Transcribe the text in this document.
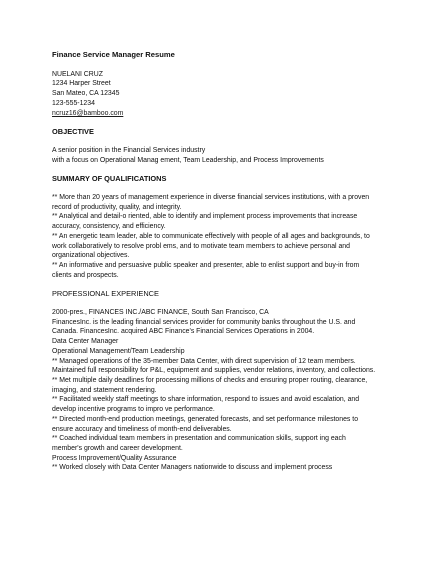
Finance Service Manager Resume
NUELANI CRUZ
1234 Harper Street
San Mateo, CA 12345
123-555-1234
ncruz16@bamboo.com
OBJECTIVE
A senior position in the Financial Services industry
with a focus on Operational Manag ement, Team Leadership, and Process Improvements
SUMMARY OF QUALIFICATIONS
** More than 20 years of management experience in diverse financial services institutions, with a proven
record of productivity, quality, and integrity.
** Analytical and detail-o riented, able to identify and implement process improvements that increase
accuracy, consistency, and efficiency.
** An energetic team leader, able to communicate effectively with people of all ages and backgrounds, to
work collaboratively to resolve probl ems, and to motivate team members to achieve personal and
organizational objectives.
** An informative and persuasive public speaker and presenter, able to enlist support and buy-in from
clients and prospects.
PROFESSIONAL EXPERIENCE
2000-pres., FINANCES INC./ABC FINANCE, South San Francisco, CA
FinancesInc. is the leading financial services provider for community banks throughout the U.S. and
Canada. FinancesInc. acquired ABC Finance's Financial Services Operations in 2004.
Data Center Manager
Operational Management/Team Leadership
** Managed operations of the 35-member Data Center, with direct supervision of 12 team members.
Maintained full responsibility for P&L, equipment and supplies, vendor relations, inventory, and collections.
** Met multiple daily deadlines for processing millions of checks and ensuring proper routing, clearance,
imaging, and statement rendering.
** Facilitated weekly staff meetings to share information, respond to issues and avoid escalation, and
develop incentive programs to impro ve performance.
** Directed month-end production meetings, generated forecasts, and set performance milestones to
ensure accuracy and timeliness of month-end deliverables.
** Coached individual team members in presentation and communication skills, support ing each
member's growth and career development.
Process Improvement/Quality Assurance
** Worked closely with Data Center Managers nationwide to discuss and implement process
